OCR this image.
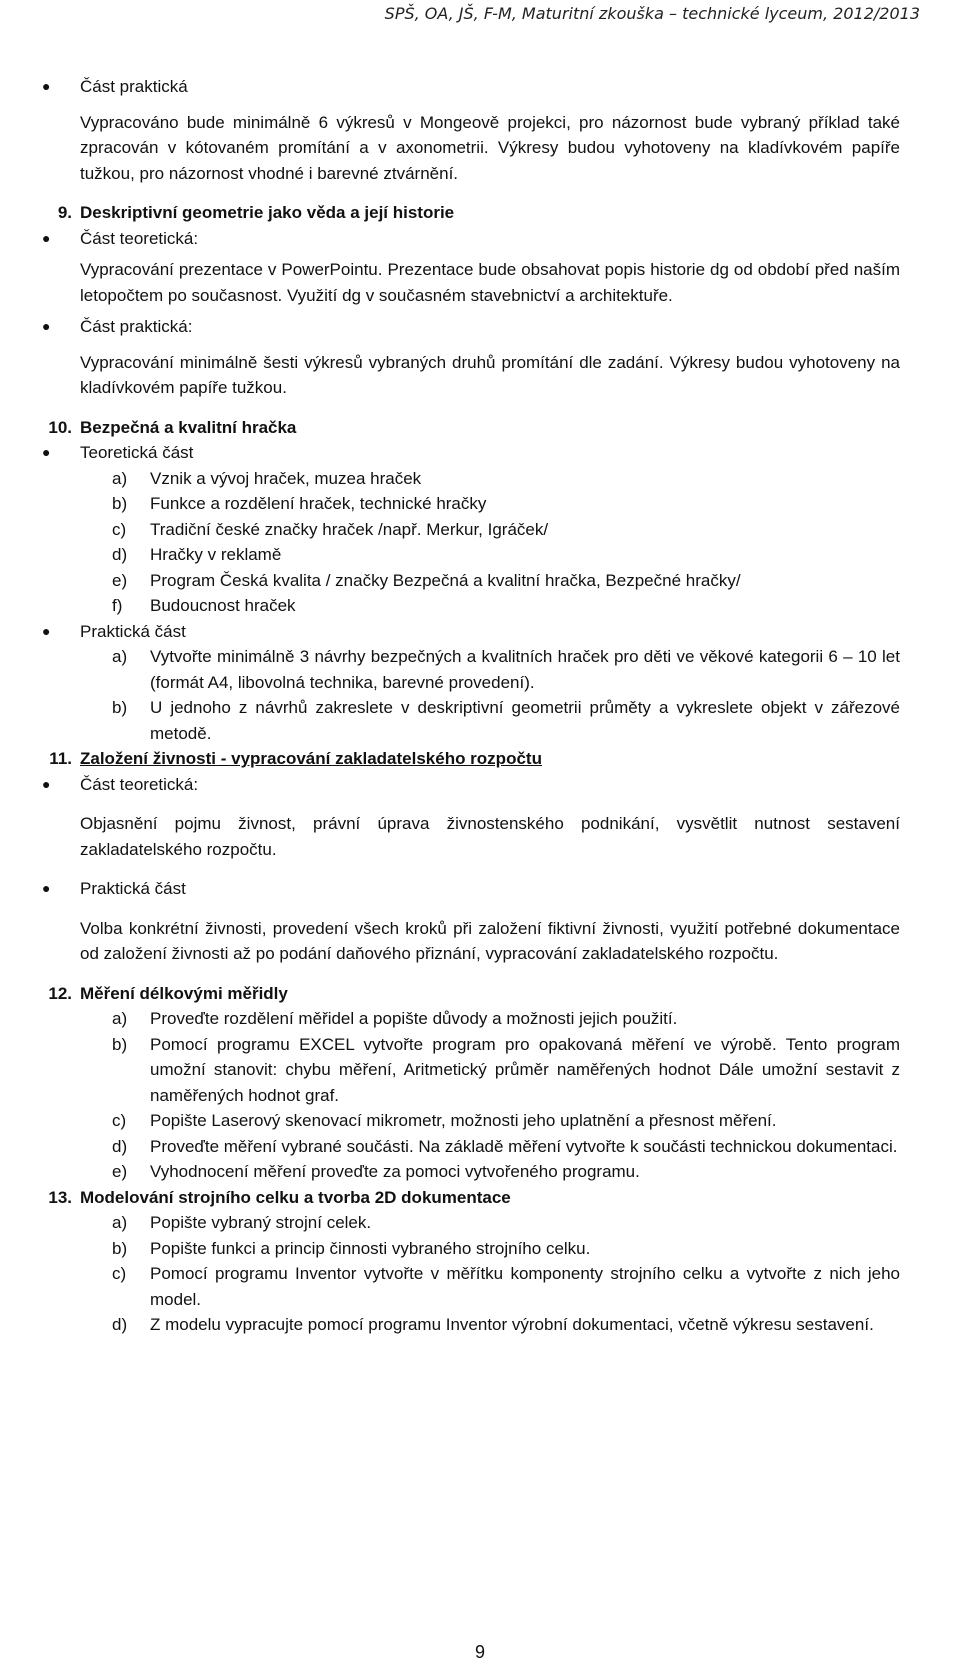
SPŠ, OA, JŠ, F-M, Maturitní zkouška – technické lyceum, 2012/2013
● Část praktická
Vypracováno bude minimálně 6 výkresů v Mongeově projekci, pro názornost bude vybraný příklad také zpracován v kótovaném promítání a v axonometrii. Výkresy budou vyhotoveny na kladívkovém papíře tužkou, pro názornost vhodné i barevné ztvárnění.
9. Deskriptivní geometrie jako věda a její historie
● Část teoretická:
Vypracování prezentace v PowerPointu. Prezentace bude obsahovat popis historie dg od období před naším letopočtem po současnost. Využití dg v současném stavebnictví a architektuře.
● Část praktická:
Vypracování minimálně šesti výkresů vybraných druhů promítání dle zadání. Výkresy budou vyhotoveny na kladívkovém papíře tužkou.
10. Bezpečná a kvalitní hračka
● Teoretická část
a) Vznik a vývoj hraček, muzea hraček
b) Funkce a rozdělení hraček, technické hračky
c) Tradiční české značky hraček /např. Merkur, Igráček/
d) Hračky v reklamě
e) Program Česká kvalita / značky Bezpečná a kvalitní hračka, Bezpečné hračky/
f) Budoucnost hraček
● Praktická část
a) Vytvořte minimálně 3 návrhy bezpečných a kvalitních hraček pro děti ve věkové kategorii 6 – 10 let (formát A4, libovolná technika, barevné provedení).
b) U jednoho z návrhů zakreslete v deskriptivní geometrii průměty a vykreslete objekt v zářezové metodě.
11. Založení živnosti - vypracování zakladatelského rozpočtu
● Část teoretická:
Objasnění pojmu živnost, právní úprava živnostenského podnikání, vysvětlit nutnost sestavení zakladatelského rozpočtu.
● Praktická část
Volba konkrétní živnosti, provedení všech kroků při založení fiktivní živnosti, využití potřebné dokumentace od založení živnosti až po podání daňového přiznání, vypracování zakladatelského rozpočtu.
12. Měření délkovými měřidly
a) Proveďte rozdělení měřidel a popište důvody a možnosti jejich použití.
b) Pomocí programu EXCEL vytvořte program pro opakovaná měření ve výrobě. Tento program umožní stanovit: chybu měření, Aritmetický průměr naměřených hodnot Dále umožní sestavit z naměřených hodnot graf.
c) Popište Laserový skenovací mikrometr, možnosti jeho uplatnění a přesnost měření.
d) Proveďte měření vybrané součásti. Na základě měření vytvořte k součásti technickou dokumentaci.
e) Vyhodnocení měření proveďte za pomoci vytvořeného programu.
13. Modelování strojního celku a tvorba 2D dokumentace
a) Popište vybraný strojní celek.
b) Popište funkci a princip činnosti vybraného strojního celku.
c) Pomocí programu Inventor vytvořte v měřítku komponenty strojního celku a vytvořte z nich jeho model.
d) Z modelu vypracujte pomocí programu Inventor výrobní dokumentaci, včetně výkresu sestavení.
9
